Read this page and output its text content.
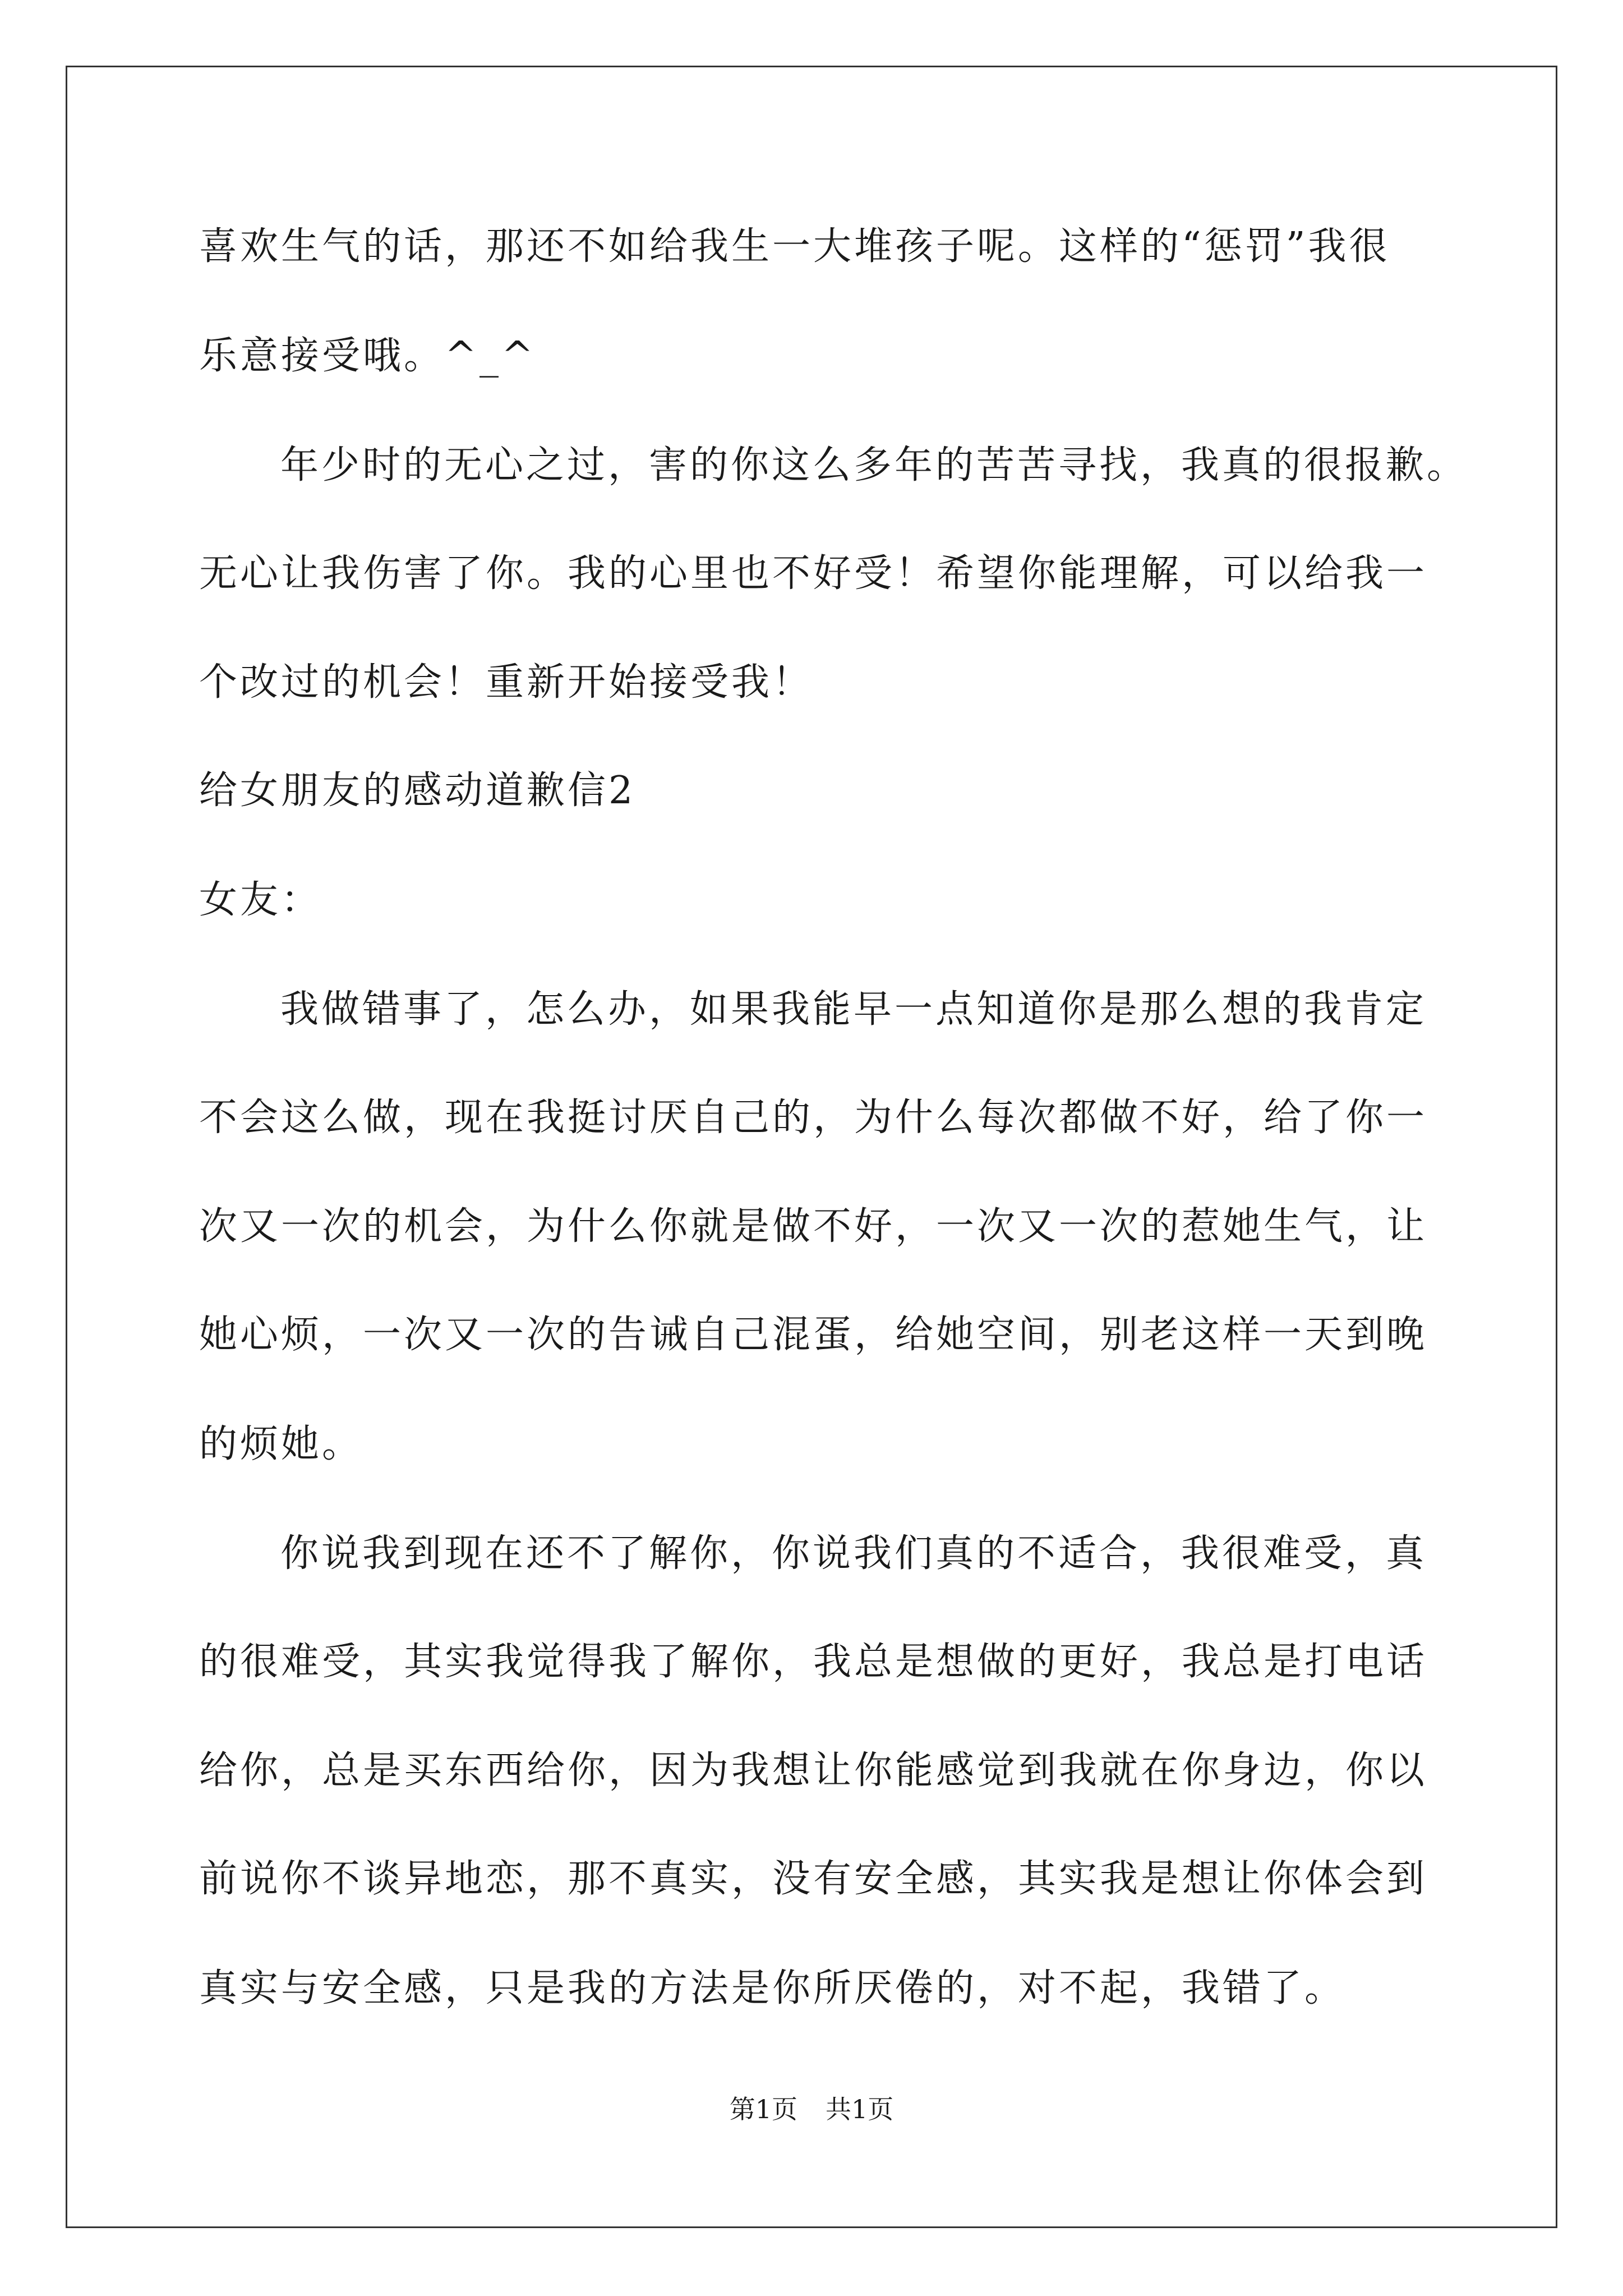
喜欢生气的话，那还不如给我生一大堆孩子呢。这样的“惩罚”我很
乐意接受哦。^_^
年少时的无心之过，害的你这么多年的苦苦寻找，我真的很报歉。
无心让我伤害了你。我的心里也不好受！希望你能理解，可以给我一
个改过的机会！重新开始接受我！
给女朋友的感动道歉信2
女友：
我做错事了，怎么办，如果我能早一点知道你是那么想的我肯定
不会这么做，现在我挺讨厌自己的，为什么每次都做不好，给了你一
次又一次的机会，为什么你就是做不好，一次又一次的惹她生气，让
她心烦，一次又一次的告诫自己混蛋，给她空间，别老这样一天到晚
的烦她。
你说我到现在还不了解你，你说我们真的不适合，我很难受，真
的很难受，其实我觉得我了解你，我总是想做的更好，我总是打电话
给你，总是买东西给你，因为我想让你能感觉到我就在你身边，你以
前说你不谈异地恋，那不真实，没有安全感，其实我是想让你体会到
真实与安全感，只是我的方法是你所厌倦的，对不起，我错了。
第1页 共1页
